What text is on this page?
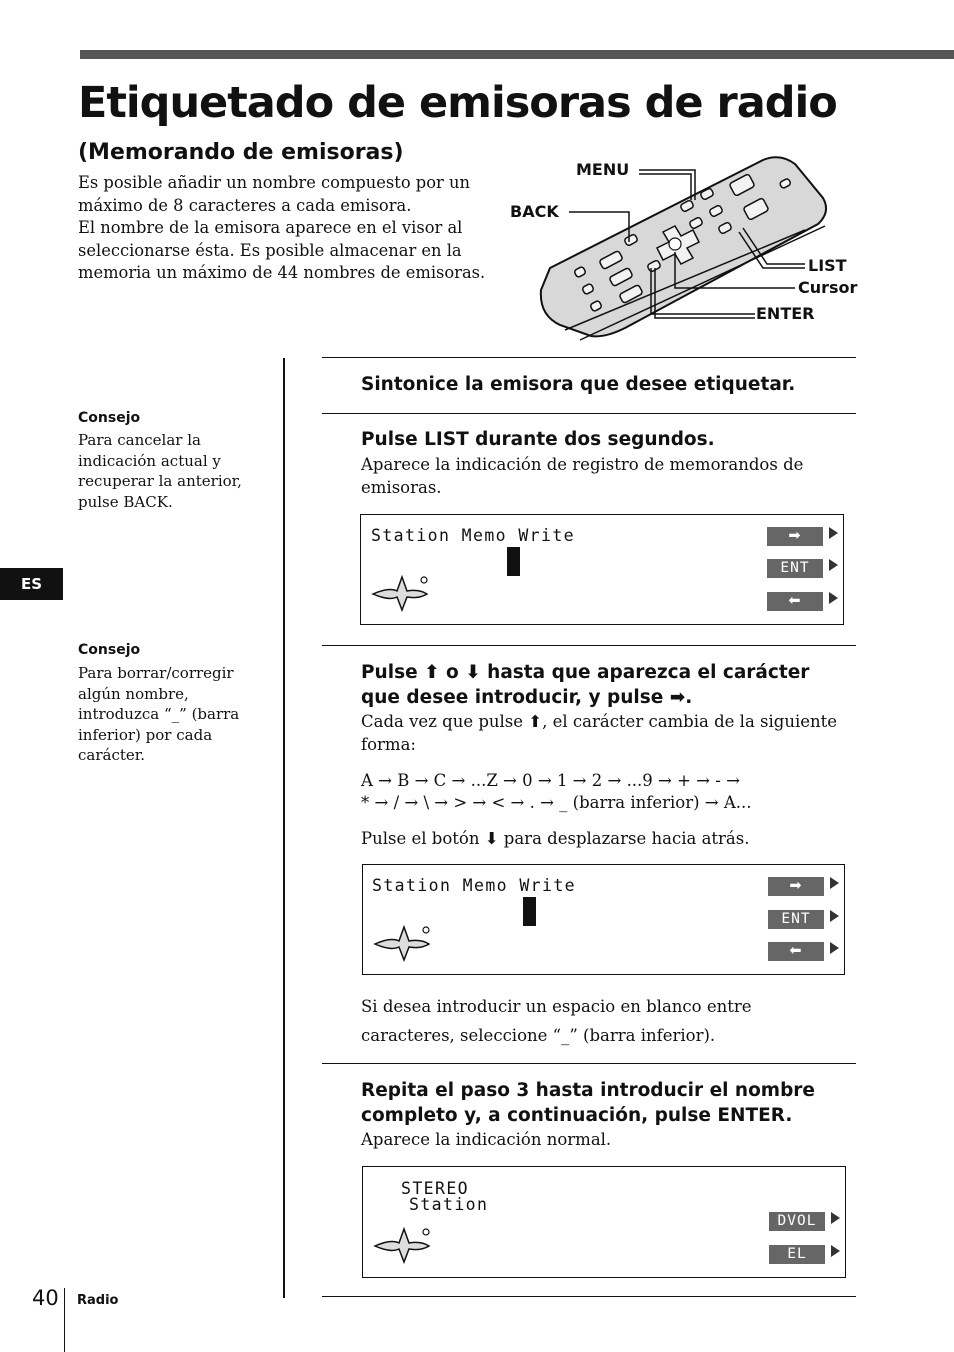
Etiquetado de emisoras de radio
(Memorando de emisoras)

Es posible añadir un nombre compuesto por un máximo de 8 caracteres a cada emisora.

El nombre de la emisora aparece en el visor al seleccionarse ésta. Es posible almacenar en la memoria un máximo de 44 nombres de emisoras.

MENU
BACK
LIST
Cursor
ENTER
Consejo
Para cancelar la indicación actual y recuperar la anterior, pulse BACK.
ES
Consejo
Para borrar/corregir algún nombre, introduzca “_” (barra inferior) por cada carácter.
Sintonice la emisora que desee etiquetar.
Pulse LIST durante dos segundos.
Aparece la indicación de registro de memorandos de emisoras.
Station Memo Write	➡
ENT
⬅
Pulse ⬆ o ⬇ hasta que aparezca el carácter que desee introducir, y pulse ➡.
Cada vez que pulse ⬆, el carácter cambia de la siguiente forma:
A → B → C → ...Z → 0 → 1 → 2 → ...9 → + → - →
* → / → \ → > → < → . → _ (barra inferior) → A...
Pulse el botón ⬇ para desplazarse hacia atrás.
Station Memo Write	➡
ENT
⬅
Si desea introducir un espacio en blanco entre caracteres, seleccione “_” (barra inferior).
Repita el paso 3 hasta introducir el nombre completo y, a continuación, pulse ENTER.
Aparece la indicación normal.
STEREO
Station
DVOL
EL
40 Radio
